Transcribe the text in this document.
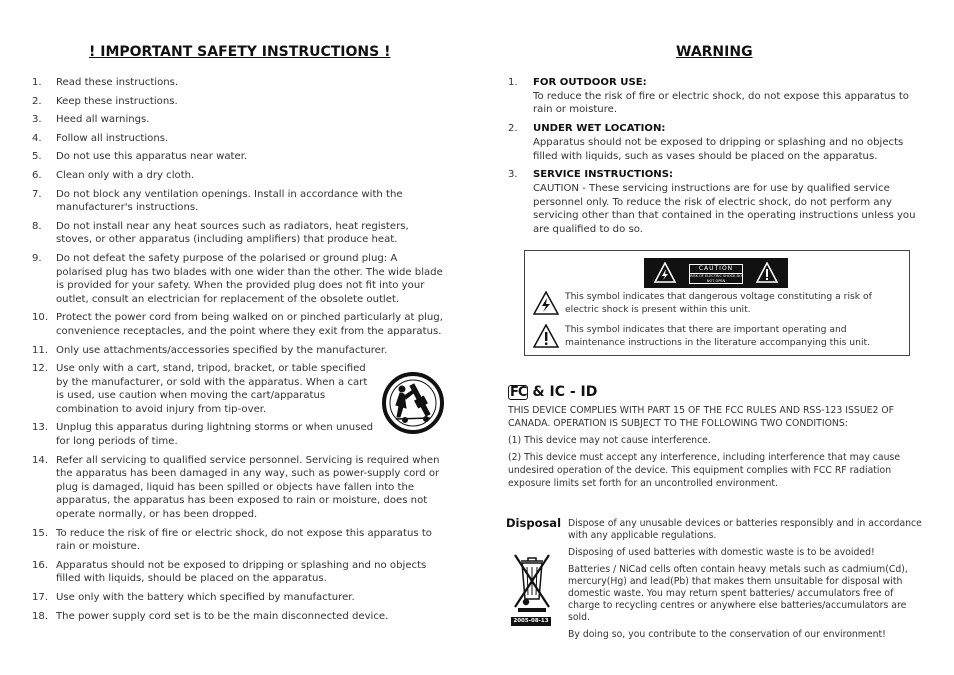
! IMPORTANT SAFETY INSTRUCTIONS !
1. Read these instructions.
2. Keep these instructions.
3. Heed all warnings.
4. Follow all instructions.
5. Do not use this apparatus near water.
6. Clean only with a dry cloth.
7. Do not block any ventilation openings. Install in accordance with the manufacturer's instructions.
8. Do not install near any heat sources such as radiators, heat registers, stoves, or other apparatus (including amplifiers) that produce heat.
9. Do not defeat the safety purpose of the polarised or ground plug: A polarised plug has two blades with one wider than the other. The wide blade is provided for your safety. When the provided plug does not fit into your outlet, consult an electrician for replacement of the obsolete outlet.
10. Protect the power cord from being walked on or pinched particularly at plug, convenience receptacles, and the point where they exit from the apparatus.
11. Only use attachments/accessories specified by the manufacturer.
12. Use only with a cart, stand, tripod, bracket, or table specified by the manufacturer, or sold with the apparatus. When a cart is used, use caution when moving the cart/apparatus combination to avoid injury from tip-over.
13. Unplug this apparatus during lightning storms or when unused for long periods of time.
14. Refer all servicing to qualified service personnel. Servicing is required when the apparatus has been damaged in any way, such as power-supply cord or plug is damaged, liquid has been spilled or objects have fallen into the apparatus, the apparatus has been exposed to rain or moisture, does not operate normally, or has been dropped.
15. To reduce the risk of fire or electric shock, do not expose this apparatus to rain or moisture.
16. Apparatus should not be exposed to dripping or splashing and no objects filled with liquids, should be placed on the apparatus.
17. Use only with the battery which specified by manufacturer.
18. The power supply cord set is to be the main disconnected device.
WARNING
1. FOR OUTDOOR USE:
To reduce the risk of fire or electric shock, do not expose this apparatus to rain or moisture.
2. UNDER WET LOCATION:
Apparatus should not be exposed to dripping or splashing and no objects filled with liquids, such as vases should be placed on the apparatus.
3. SERVICE INSTRUCTIONS:
CAUTION - These servicing instructions are for use by qualified service personnel only. To reduce the risk of electric shock, do not perform any servicing other than that contained in the operating instructions unless you are qualified to do so.
CAUTION
RISK OF ELECTRIC SHOCK DO NOT OPEN
This symbol indicates that dangerous voltage constituting a risk of electric shock is present within this unit.
This symbol indicates that there are important operating and maintenance instructions in the literature accompanying this unit.
FC & IC - ID

THIS DEVICE COMPLIES WITH PART 15 OF THE FCC RULES AND RSS-123 ISSUE2 OF CANADA. OPERATION IS SUBJECT TO THE FOLLOWING TWO CONDITIONS:

(1) This device may not cause interference.

(2) This device must accept any interference, including interference that may cause undesired operation of the device. This equipment complies with FCC RF radiation exposure limits set forth for an uncontrolled environment.

Disposal
2005-08-13

Dispose of any unusable devices or batteries responsibly and in accordance with any applicable regulations.

Disposing of used batteries with domestic waste is to be avoided!

Batteries / NiCad cells often contain heavy metals such as cadmium(Cd), mercury(Hg) and lead(Pb) that makes them unsuitable for disposal with domestic waste. You may return spent batteries/ accumulators free of charge to recycling centres or anywhere else batteries/accumulators are sold.

By doing so, you contribute to the conservation of our environment!
